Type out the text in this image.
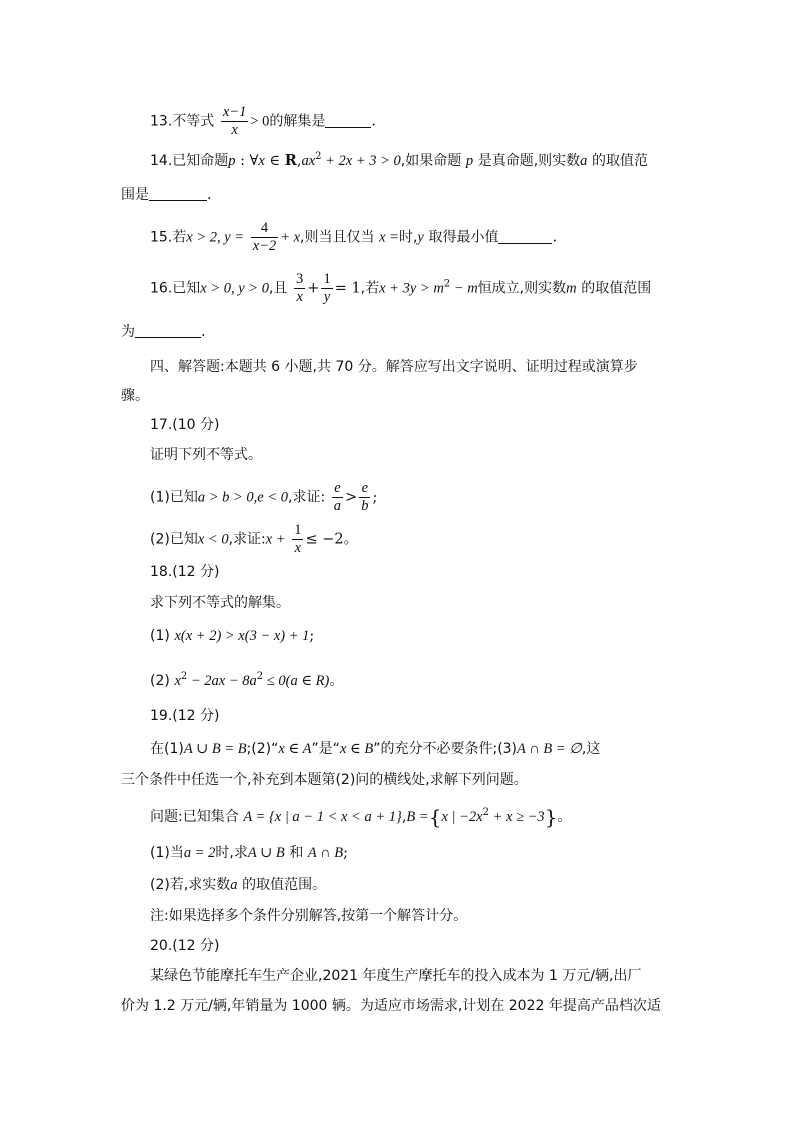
13.不等式 $\frac{x-1}{x} > 0$的解集是	.
14.已知命题p : ∀x ∈ $R,ax^2 + 2x + 3 > 0$,如果命题 p 是真命题,则实数a 的取值范
围是	.
15.若x > 2, $y = \frac{4}{x-2} + x$,则当且仅当 x =时,y 取得最小值	.
16.已知x > 0, y > 0,且 $\frac{3}{x} + \frac{1}{y} = 1$,若$x + 3y > m^2 - m$恒成立,则实数m 的取值范围
为	.
四、解答题:本题共 6 小题,共 70 分。解答应写出文字说明、证明过程或演算步
骤。
17.(10 分)
证明下列不等式。
(1)已知a > b > 0,e < 0,求证: $\frac{e}{a} > \frac{e}{b}$ ;
(2)已知x < 0,求证:x + $\frac{1}{x} \le -2$。
18.(12 分)
求下列不等式的解集。
(1) x(x + 2) > x(3 − x) + 1;
(2) $x^2 - 2ax - 8a^2 \le 0(a$ ∈ R)。
19.(12 分)
在(1)A ∪ B = B;(2)“x ∈ A”是“x ∈ B”的充分不必要条件;(3)A ∩ B = ∅,这
三个条件中任选一个,补充到本题第(2)问的横线处,求解下列问题。
问题:已知集合 A = {x | a − 1 < x < a + 1},B ={x | $-2x^2 + x \ge -3$}。
(1)当a = 2时,求A ∪ B 和 A ∩ B;
(2)若,求实数a 的取值范围。
注:如果选择多个条件分别解答,按第一个解答计分。
20.(12 分)
某绿色节能摩托车生产企业,2021 年度生产摩托车的投入成本为 1 万元/辆,出厂
价为 1.2 万元/辆,年销量为 1000 辆。为适应市场需求,计划在 2022 年提高产品档次适
